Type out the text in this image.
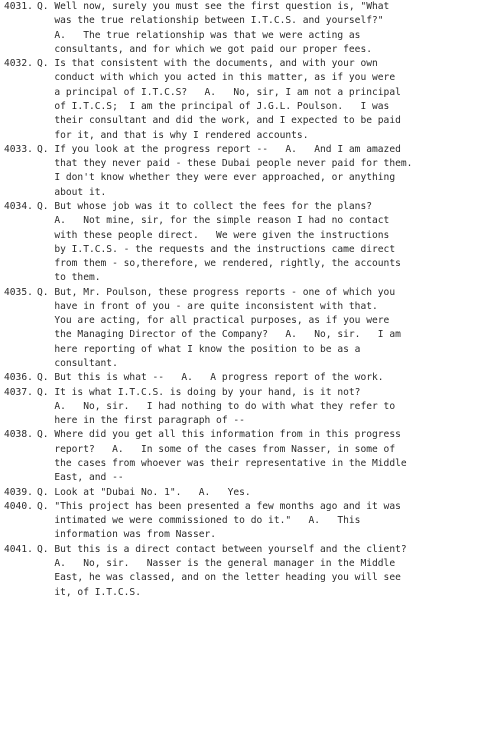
4031. Q. Well now, surely you must see the first question is, "What
was the true relationship between I.T.C.S. and yourself?"
A.   The true relationship was that we were acting as
consultants, and for which we got paid our proper fees.
4032. Q. Is that consistent with the documents, and with your own
conduct with which you acted in this matter, as if you were
a principal of I.T.C.S?   A.   No, sir, I am not a principal
of I.T.C.S;  I am the principal of J.G.L. Poulson.   I was
their consultant and did the work, and I expected to be paid
for it, and that is why I rendered accounts.
4033. Q. If you look at the progress report --   A.   And I am amazed
that they never paid - these Dubai people never paid for them.
I don't know whether they were ever approached, or anything
about it.
4034. Q. But whose job was it to collect the fees for the plans?
A.   Not mine, sir, for the simple reason I had no contact
with these people direct.   We were given the instructions
by I.T.C.S. - the requests and the instructions came direct
from them - so,therefore, we rendered, rightly, the accounts
to them.
4035. Q. But, Mr. Poulson, these progress reports - one of which you
have in front of you - are quite inconsistent with that.
You are acting, for all practical purposes, as if you were
the Managing Director of the Company?   A.   No, sir.   I am
here reporting of what I know the position to be as a
consultant.
4036. Q. But this is what --   A.   A progress report of the work.
4037. Q. It is what I.T.C.S. is doing by your hand, is it not?
A.   No, sir.   I had nothing to do with what they refer to
here in the first paragraph of --
4038. Q. Where did you get all this information from in this progress
report?   A.   In some of the cases from Nasser, in some of
the cases from whoever was their representative in the Middle
East, and --
4039. Q. Look at "Dubai No. 1".   A.   Yes.
4040. Q. "This project has been presented a few months ago and it was
intimated we were commissioned to do it."   A.   This
information was from Nasser.
4041. Q. But this is a direct contact between yourself and the client?
A.   No, sir.   Nasser is the general manager in the Middle
East, he was classed, and on the letter heading you will see
it, of I.T.C.S.
